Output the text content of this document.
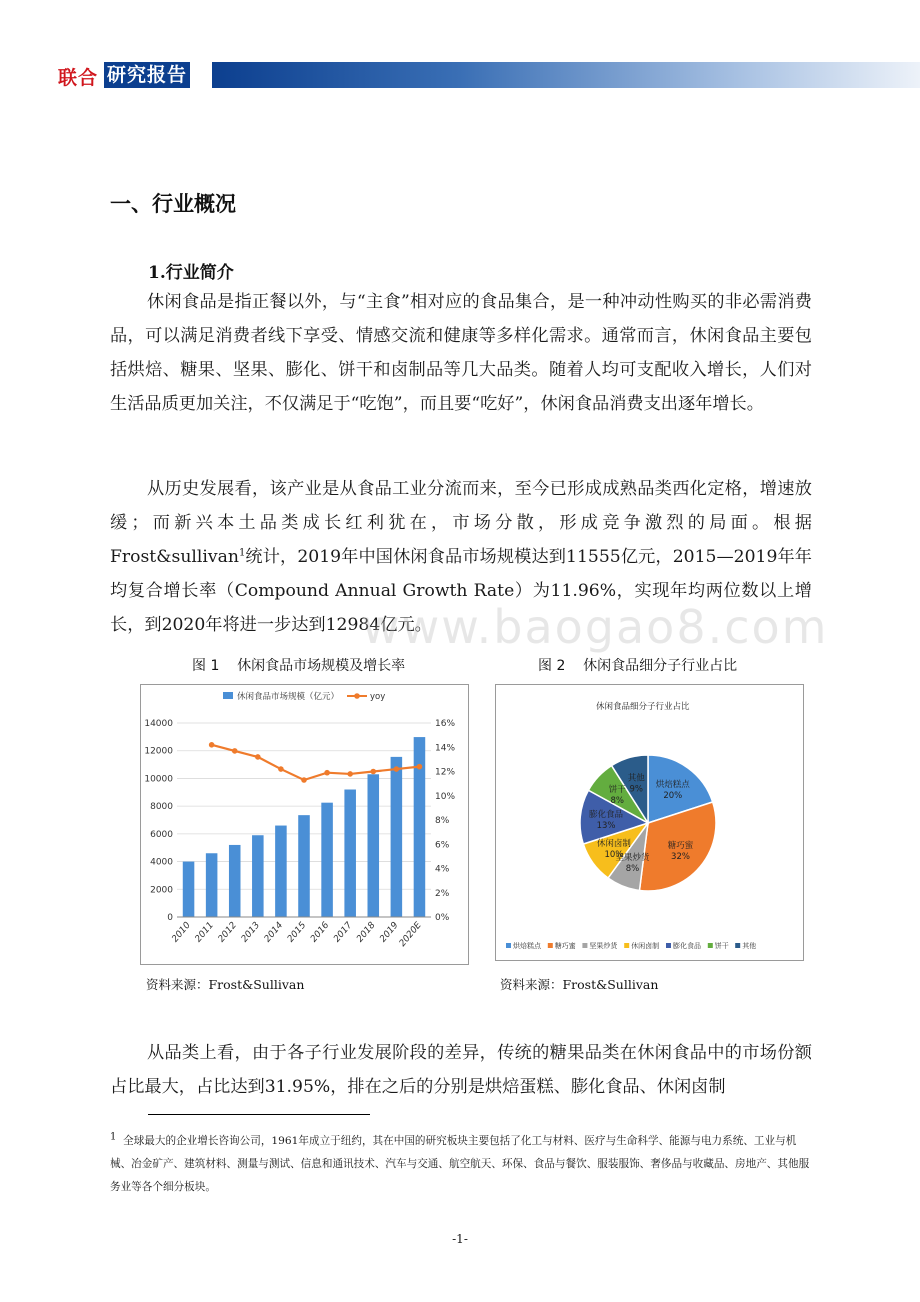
联合 研究报告
一、行业概况
1.行业简介

休闲食品是指正餐以外，与“主食”相对应的食品集合，是一种冲动性购买的非必需消费品，可以满足消费者线下享受、情感交流和健康等多样化需求。通常而言，休闲食品主要包括烘焙、糖果、坚果、膨化、饼干和卤制品等几大品类。随着人均可支配收入增长，人们对生活品质更加关注，不仅满足于“吃饱”，而且要“吃好”，休闲食品消费支出逐年增长。

从历史发展看，该产业是从食品工业分流而来，至今已形成成熟品类西化定格，增速放缓；而新兴本土品类成长红利犹在，市场分散，形成竞争激烈的局面。根据Frost&sullivan$^1$统计，2019年中国休闲食品市场规模达到11555亿元，2015—2019年年均复合增长率（Compound Annual Growth Rate）为11.96%，实现年均两位数以上增长，到2020年将进一步达到12984亿元。

www.baogao8.com
图 1    休闲食品市场规模及增长率	图 2    休闲食品细分子行业占比
0
2000
4000
6000
8000
10000
12000
14000
0%
2%
4%
6%
8%
10%
12%
14%
16%
2010 2011 2012 2013 2014 2015 2016 2017 2018 2019
2020E
休闲食品市场规模（亿元）	yoy
休闲食品细分子行业占比
烘焙糕点
20%
糖巧蜜
32%
坚果炒货
8%
休闲卤制
10%
膨化食品
13%
饼干
8%
其他
9%
烘焙糕点 糖巧蜜 坚果炒货 休闲卤制 膨化食品 饼干 其他
资料来源：Frost&Sullivan	资料来源：Frost&Sullivan

从品类上看，由于各子行业发展阶段的差异，传统的糖果品类在休闲食品中的市场份额占比最大，占比达到31.95%，排在之后的分别是烘焙蛋糕、膨化食品、休闲卤制

$^1$ 全球最大的企业增长咨询公司，1961年成立于纽约，其在中国的研究板块主要包括了化工与材料、医疗与生命科学、能源与电力系统、工业与机械、冶金矿产、建筑材料、测量与测试、信息和通讯技术、汽车与交通、航空航天、环保、食品与餐饮、服装服饰、奢侈品与收藏品、房地产、其他服务业等各个细分板块。

-1-
